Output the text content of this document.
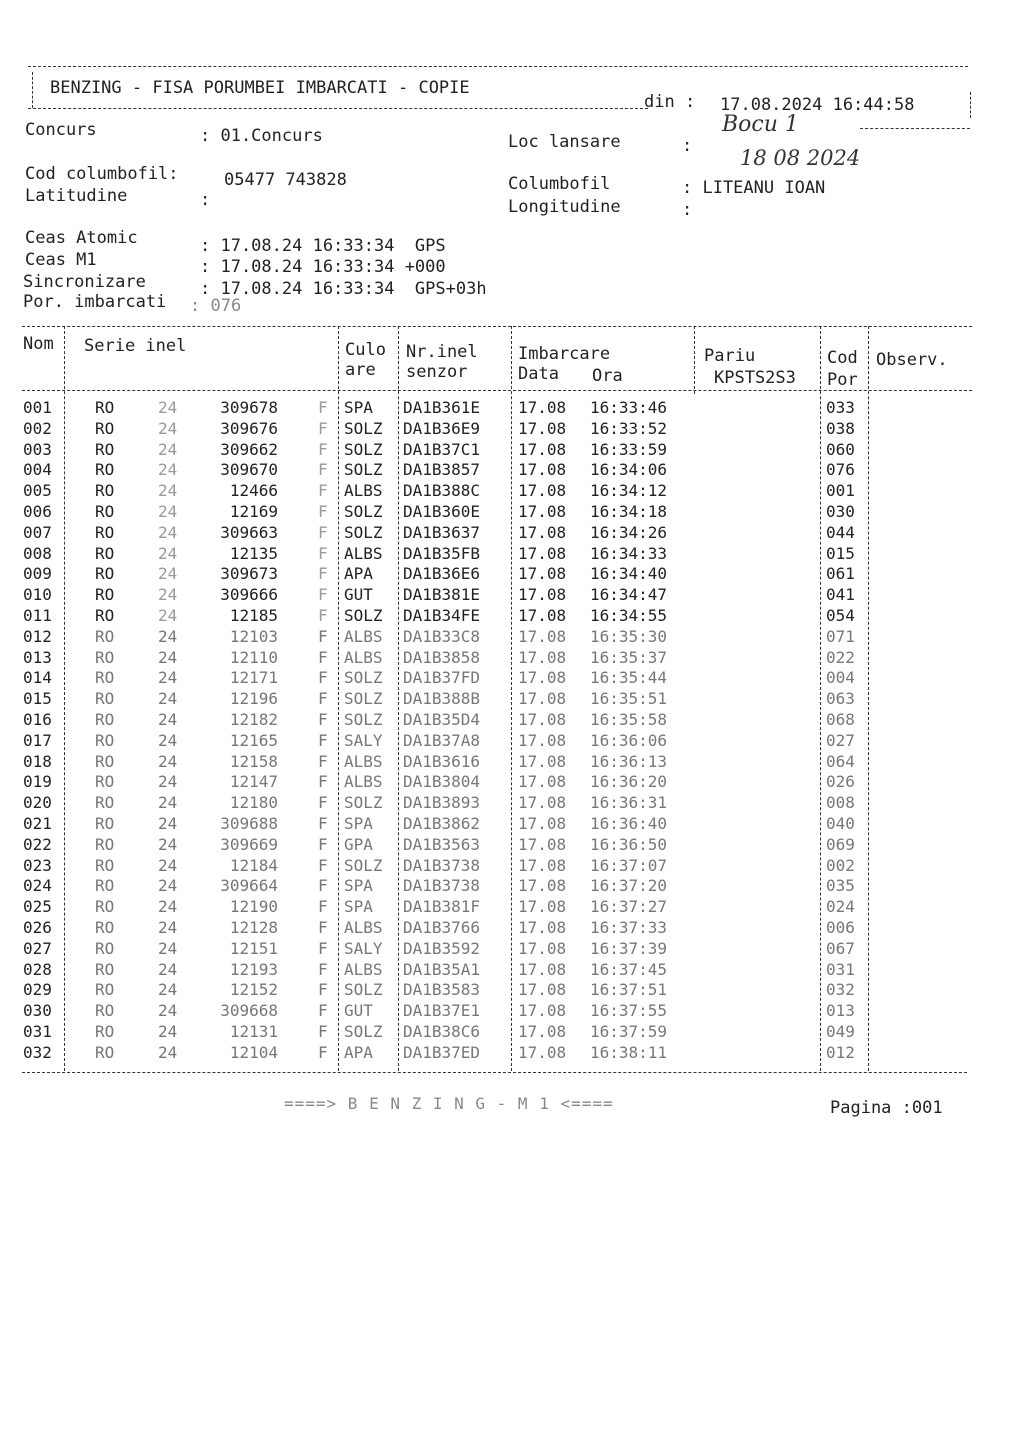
BENZING - FISA PORUMBEI IMBARCATI - COPIE
din : 17.08.2024 16:44:58
Concurs	: 01.Concurs	Loc lansare	:
Bocu 1
18 08 2024
Cod columbofil:	05477 743828
Latitudine	:
Columbofil	: LITEANU IOAN
Longitudine	:
Ceas Atomic	: 17.08.24 16:33:34  GPS
Ceas M1	: 17.08.24 16:33:34 +000
Sincronizare	: 17.08.24 16:33:34  GPS+03h
Por. imbarcati : 076
Nom Serie inel	Culo
are
Nr.inel
senzor
Imbarcare
Data Ora
Pariu
KPSTS2S3
Cod
Por
Observ.
001	RO	24	309678	F SPA DA1B361E 17.08 16:33:46	033
002	RO	24	309676	F SOLZ DA1B36E9 17.08 16:33:52	038
003	RO	24	309662	F SOLZ DA1B37C1 17.08 16:33:59	060
004	RO	24	309670	F SOLZ DA1B3857 17.08 16:34:06	076
005	RO	24	12466	F ALBS DA1B388C 17.08 16:34:12	001
006	RO	24	12169	F SOLZ DA1B360E 17.08 16:34:18	030
007	RO	24	309663	F SOLZ DA1B3637 17.08 16:34:26	044
008	RO	24	12135	F ALBS DA1B35FB 17.08 16:34:33	015
009	RO	24	309673	F APA DA1B36E6 17.08 16:34:40	061
010	RO	24	309666	F GUT DA1B381E 17.08 16:34:47	041
011	RO	24	12185	F SOLZ DA1B34FE 17.08 16:34:55	054
012	RO	24	12103	F ALBS DA1B33C8 17.08 16:35:30	071
013	RO	24	12110	F ALBS DA1B3858 17.08 16:35:37	022
014	RO	24	12171	F SOLZ DA1B37FD 17.08 16:35:44	004
015	RO	24	12196	F SOLZ DA1B388B 17.08 16:35:51	063
016	RO	24	12182	F SOLZ DA1B35D4 17.08 16:35:58	068
017	RO	24	12165	F SALY DA1B37A8 17.08 16:36:06	027
018	RO	24	12158	F ALBS DA1B3616 17.08 16:36:13	064
019	RO	24	12147	F ALBS DA1B3804 17.08 16:36:20	026
020	RO	24	12180	F SOLZ DA1B3893 17.08 16:36:31	008
021	RO	24	309688	F SPA DA1B3862 17.08 16:36:40	040
022	RO	24	309669	F GPA DA1B3563 17.08 16:36:50	069
023	RO	24	12184	F SOLZ DA1B3738 17.08 16:37:07	002
024	RO	24	309664	F SPA DA1B3738 17.08 16:37:20	035
025	RO	24	12190	F SPA DA1B381F 17.08 16:37:27	024
026	RO	24	12128	F ALBS DA1B3766 17.08 16:37:33	006
027	RO	24	12151	F SALY DA1B3592 17.08 16:37:39	067
028	RO	24	12193	F ALBS DA1B35A1 17.08 16:37:45	031
029	RO	24	12152	F SOLZ DA1B3583 17.08 16:37:51	032
030	RO	24	309668	F GUT DA1B37E1 17.08 16:37:55	013
031	RO	24	12131	F SOLZ DA1B38C6 17.08 16:37:59	049
032	RO	24	12104	F APA DA1B37ED 17.08 16:38:11	012
====> B E N Z I N G - M 1 <====	Pagina :001
